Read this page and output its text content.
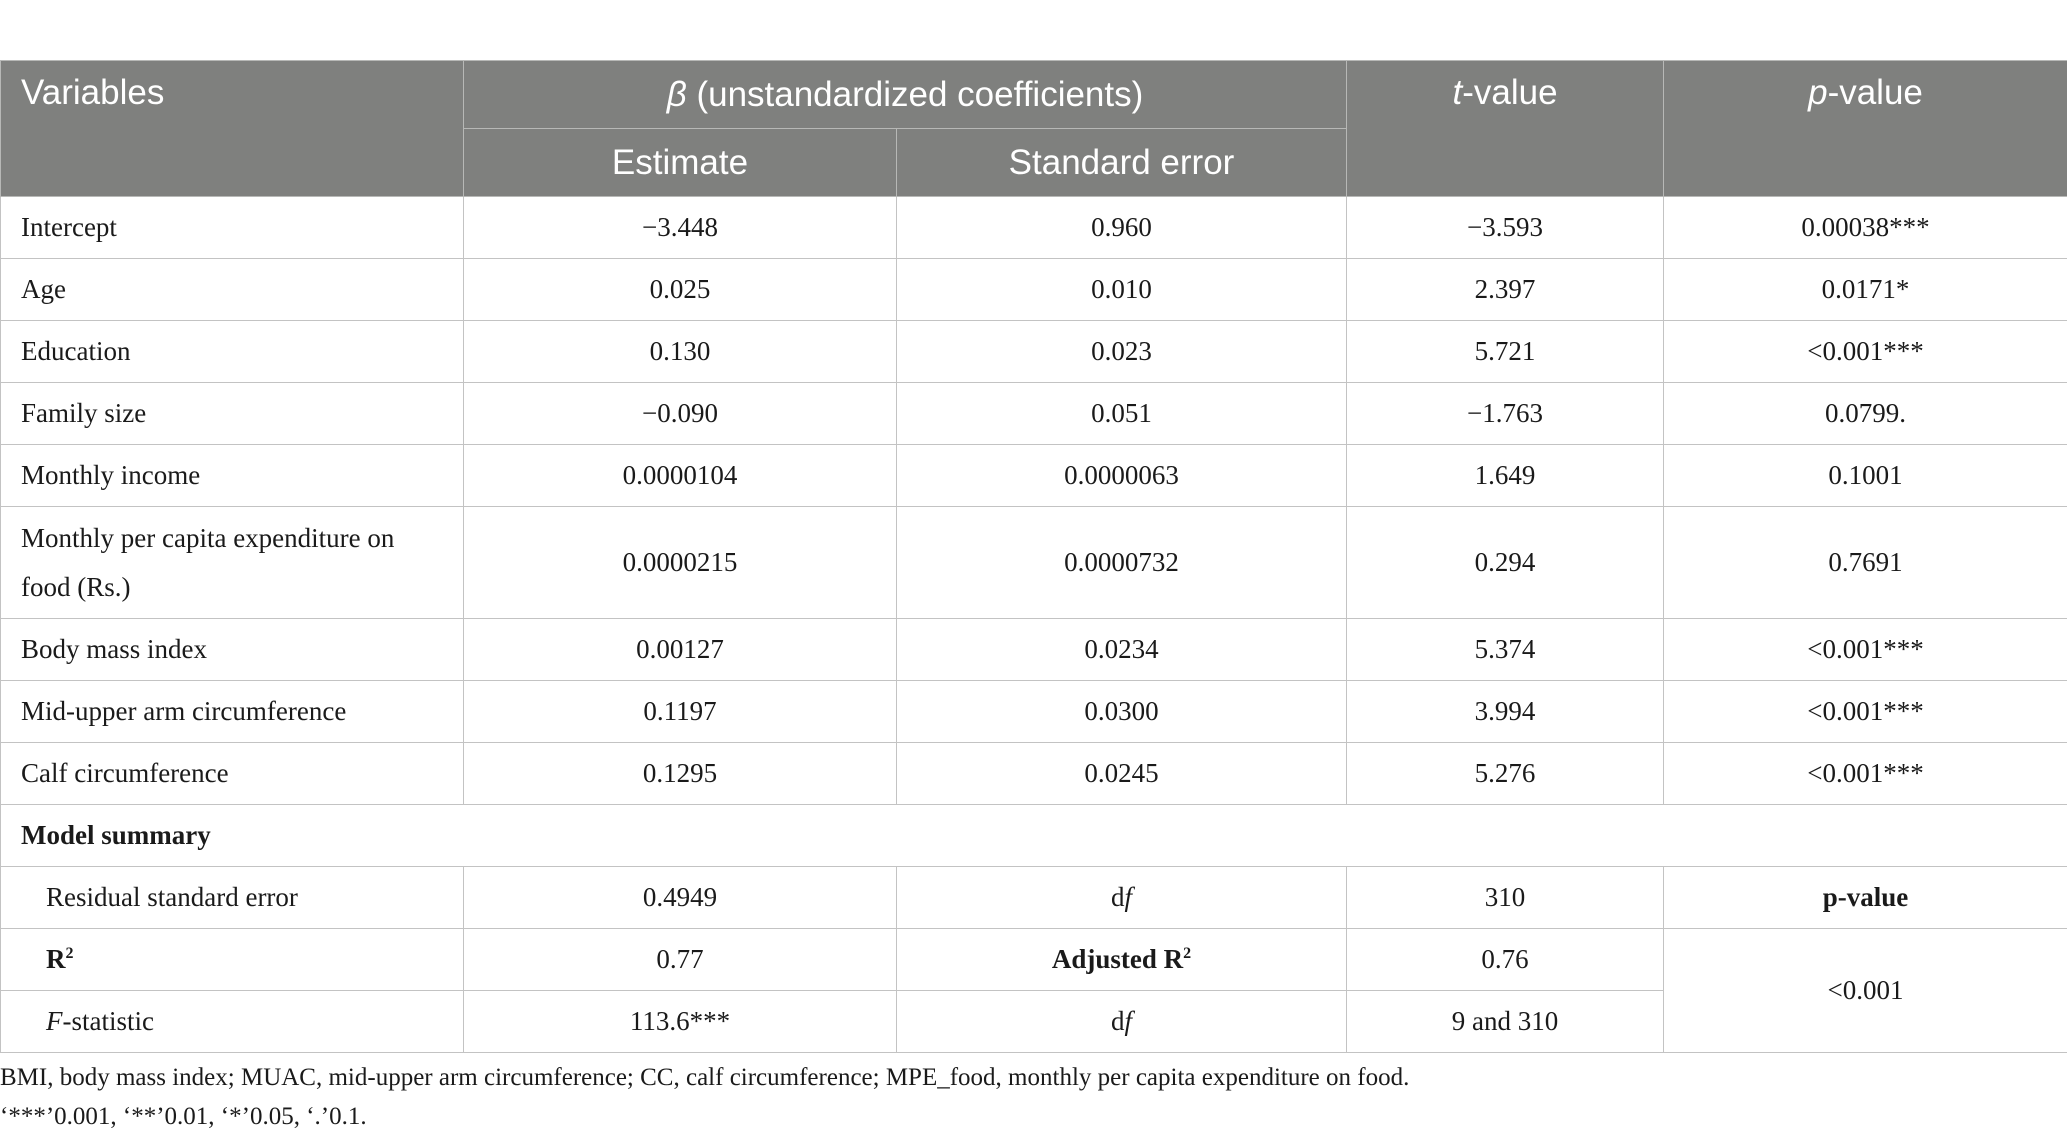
Variables	β (unstandardized coefficients)		t-value	p-value
	Estimate	Standard error		
Intercept	−3.448	0.960	−3.593	0.00038***
Age	0.025	0.010	2.397	0.0171*
Education	0.130	0.023	5.721	<0.001***
Family size	−0.090	0.051	−1.763	0.0799.
Monthly income	0.0000104	0.0000063	1.649	0.1001
Monthly per capita expenditure on food (Rs.)	0.0000215	0.0000732	0.294	0.7691
Body mass index	0.00127	0.0234	5.374	<0.001***
Mid-upper arm circumference	0.1197	0.0300	3.994	<0.001***
Calf circumference	0.1295	0.0245	5.276	<0.001***
Model summary				
Residual standard error	0.4949	df	310	p-value
$R^2$	0.77	Adjusted $R^2$	0.76	<0.001
F-statistic	113.6***	df	9 and 310	
BMI, body mass index; MUAC, mid-upper arm circumference; CC, calf circumference; MPE_food, monthly per capita expenditure on food.
‘***’0.001, ‘**’0.01, ‘*’0.05, ‘.’0.1.
